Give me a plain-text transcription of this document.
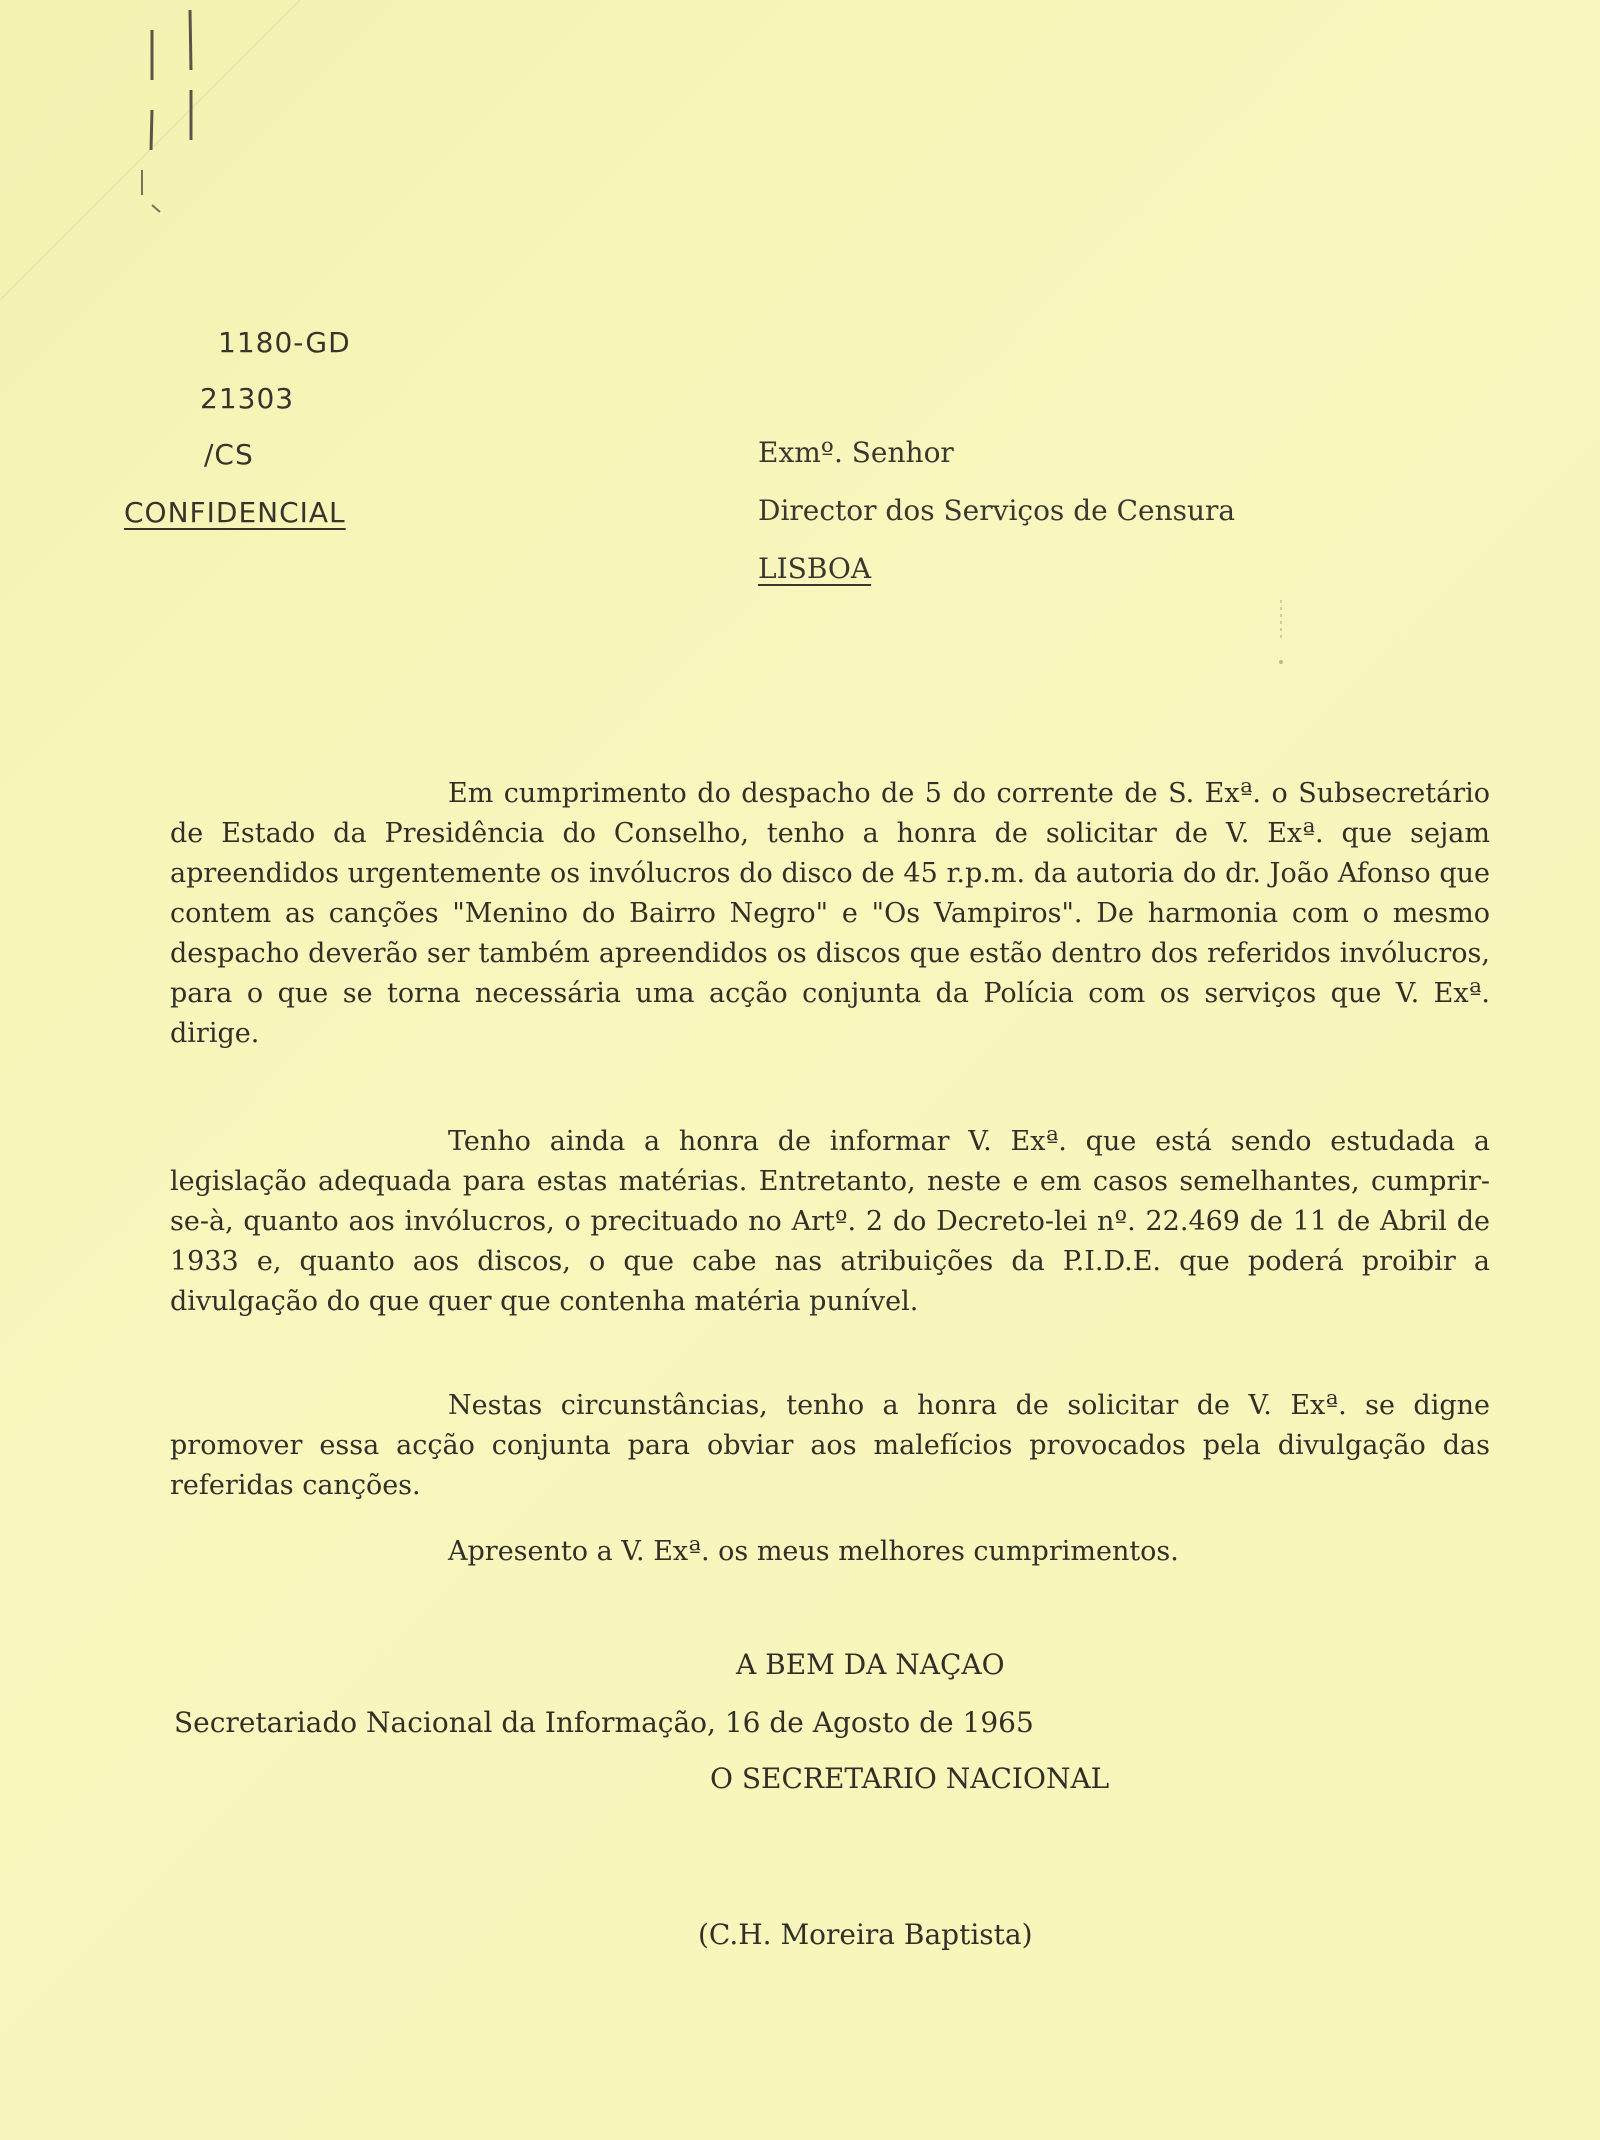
1180-GD
21303
/CS
CONFIDENCIAL
Exmº. Senhor
Director dos Serviços de Censura
LISBOA

Em cumprimento do despacho de 5 do corrente de S. Exª. o Subsecretário de Estado da Presidência do Conselho, tenho a honra de solicitar de V. Exª. que sejam apreendidos urgentemente os invólucros do disco de 45 r.p.m. da autoria do dr. João Afonso que contem as canções "Menino do Bairro Negro" e "Os Vampiros". De harmonia com o mesmo despacho deverão ser também apreendidos os discos que estão dentro dos referidos invólucros, para o que se torna necessária uma acção conjunta da Polícia com os serviços que V. Exª. dirige.

Tenho ainda a honra de informar V. Exª. que está sendo estudada a legislação adequada para estas matérias. Entretanto, neste e em casos semelhantes, cumprir-se-à, quanto aos invólucros, o precituado no Artº. 2 do Decreto-lei nº. 22.469 de 11 de Abril de 1933 e, quanto aos discos, o que cabe nas atribuições da P.I.D.E. que poderá proibir a divulgação do que quer que contenha matéria punível.

Nestas circunstâncias, tenho a honra de solicitar de V. Exª. se digne promover essa acção conjunta para obviar aos malefícios provocados pela divulgação das referidas canções.

Apresento a V. Exª. os meus melhores cumprimentos.

A BEM DA NAÇAO
Secretariado Nacional da Informação, 16 de Agosto de 1965
O SECRETARIO NACIONAL
(C.H. Moreira Baptista)
